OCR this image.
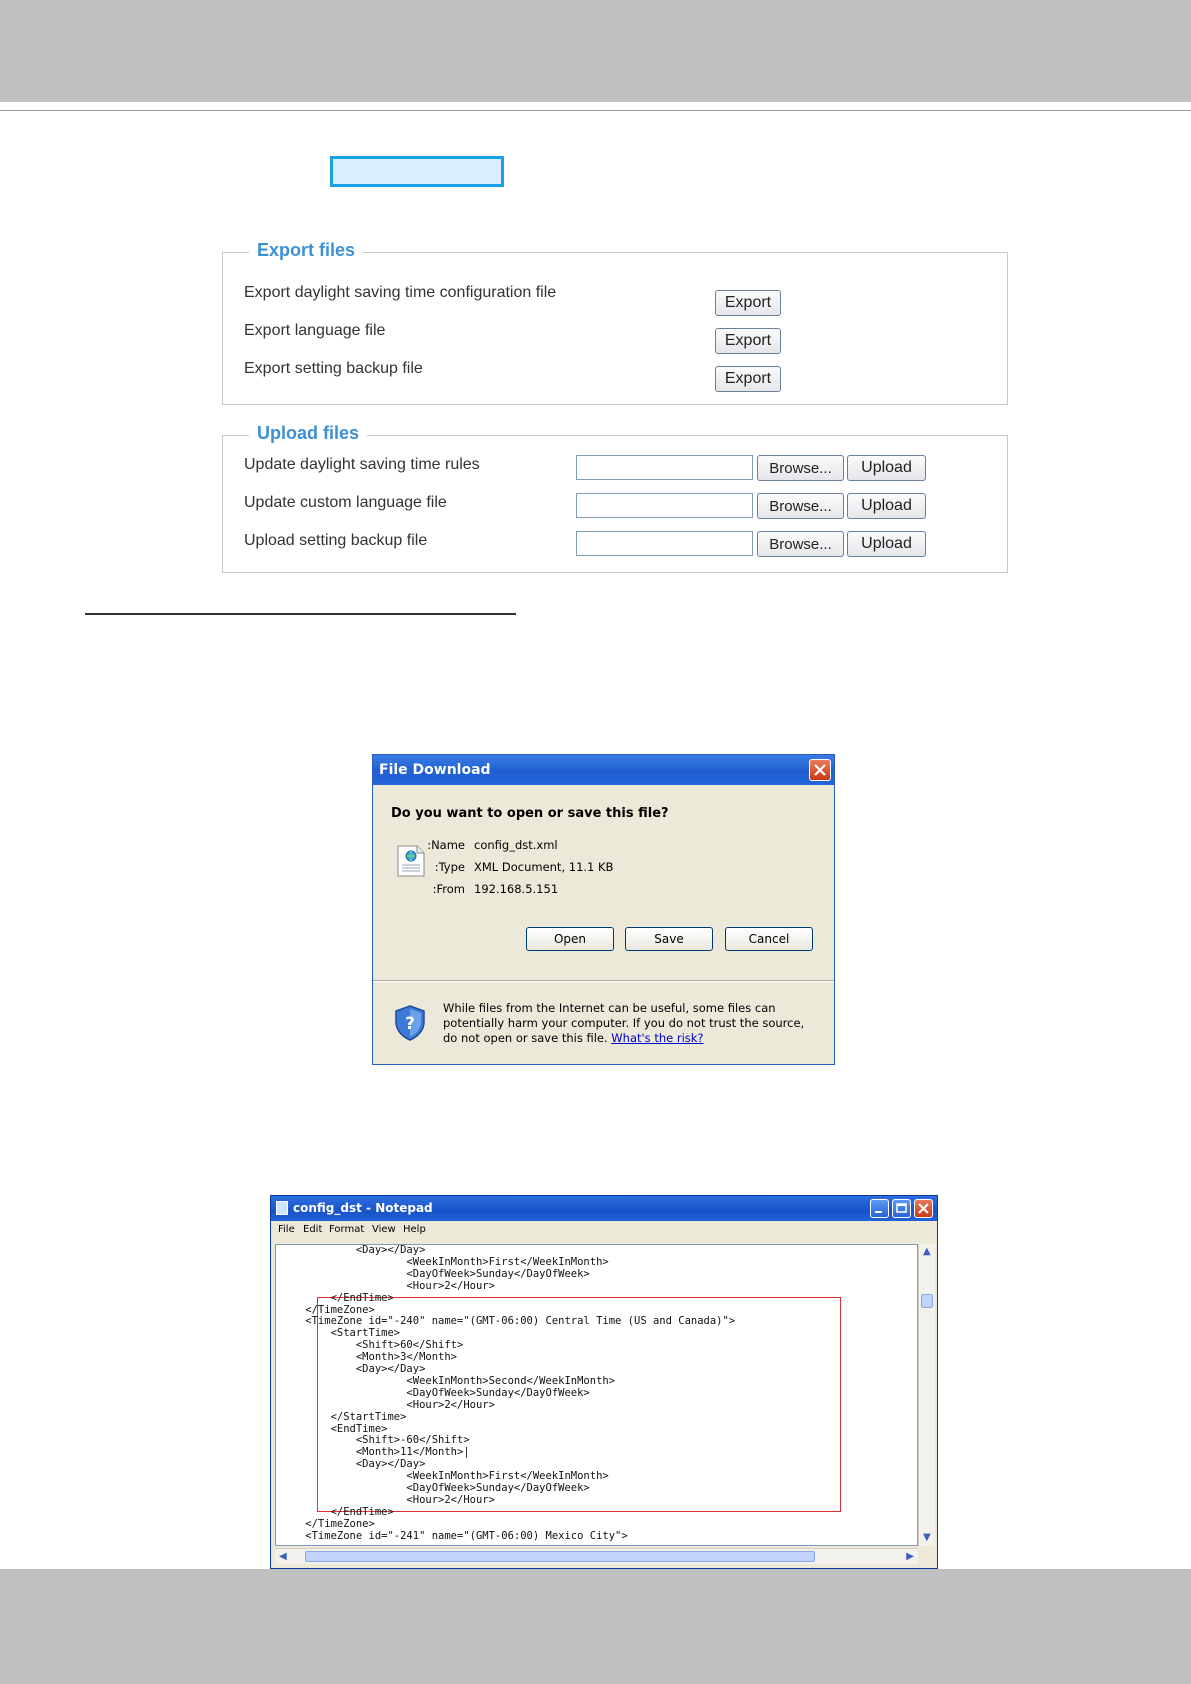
Export files
Export daylight saving time configuration file
Export
Export language file
Export
Export setting backup file
Export
Upload files
Update daylight saving time rules	Browse...	Upload
Update custom language file	Browse...	Upload
Upload setting backup file	Browse...	Upload
File Download
Do you want to open or save this file?
Name: config_dst.xml
Type: XML Document, 11.1 KB
From: 192.168.5.151
Open	Save	Cancel
?
While files from the Internet can be useful, some files can potentially harm your computer. If you do not trust the source, do not open or save this file. What's the risk?
config_dst - Notepad
File Edit Format View Help
<Day></Day>
<WeekInMonth>First</WeekInMonth>
<DayOfWeek>Sunday</DayOfWeek>
<Hour>2</Hour>
</EndTime>
</TimeZone>
<TimeZone id="-240" name="(GMT-06:00) Central Time (US and Canada)">
<StartTime>
<Shift>60</Shift>
<Month>3</Month>
<Day></Day>
<WeekInMonth>Second</WeekInMonth>
<DayOfWeek>Sunday</DayOfWeek>
<Hour>2</Hour>
</StartTime>
<EndTime>
<Shift>-60</Shift>
<Month>11</Month>|
<Day></Day>
<WeekInMonth>First</WeekInMonth>
<DayOfWeek>Sunday</DayOfWeek>
<Hour>2</Hour>
</EndTime>
</TimeZone>
<TimeZone id="-241" name="(GMT-06:00) Mexico City">
▲
▼
◀	▶
